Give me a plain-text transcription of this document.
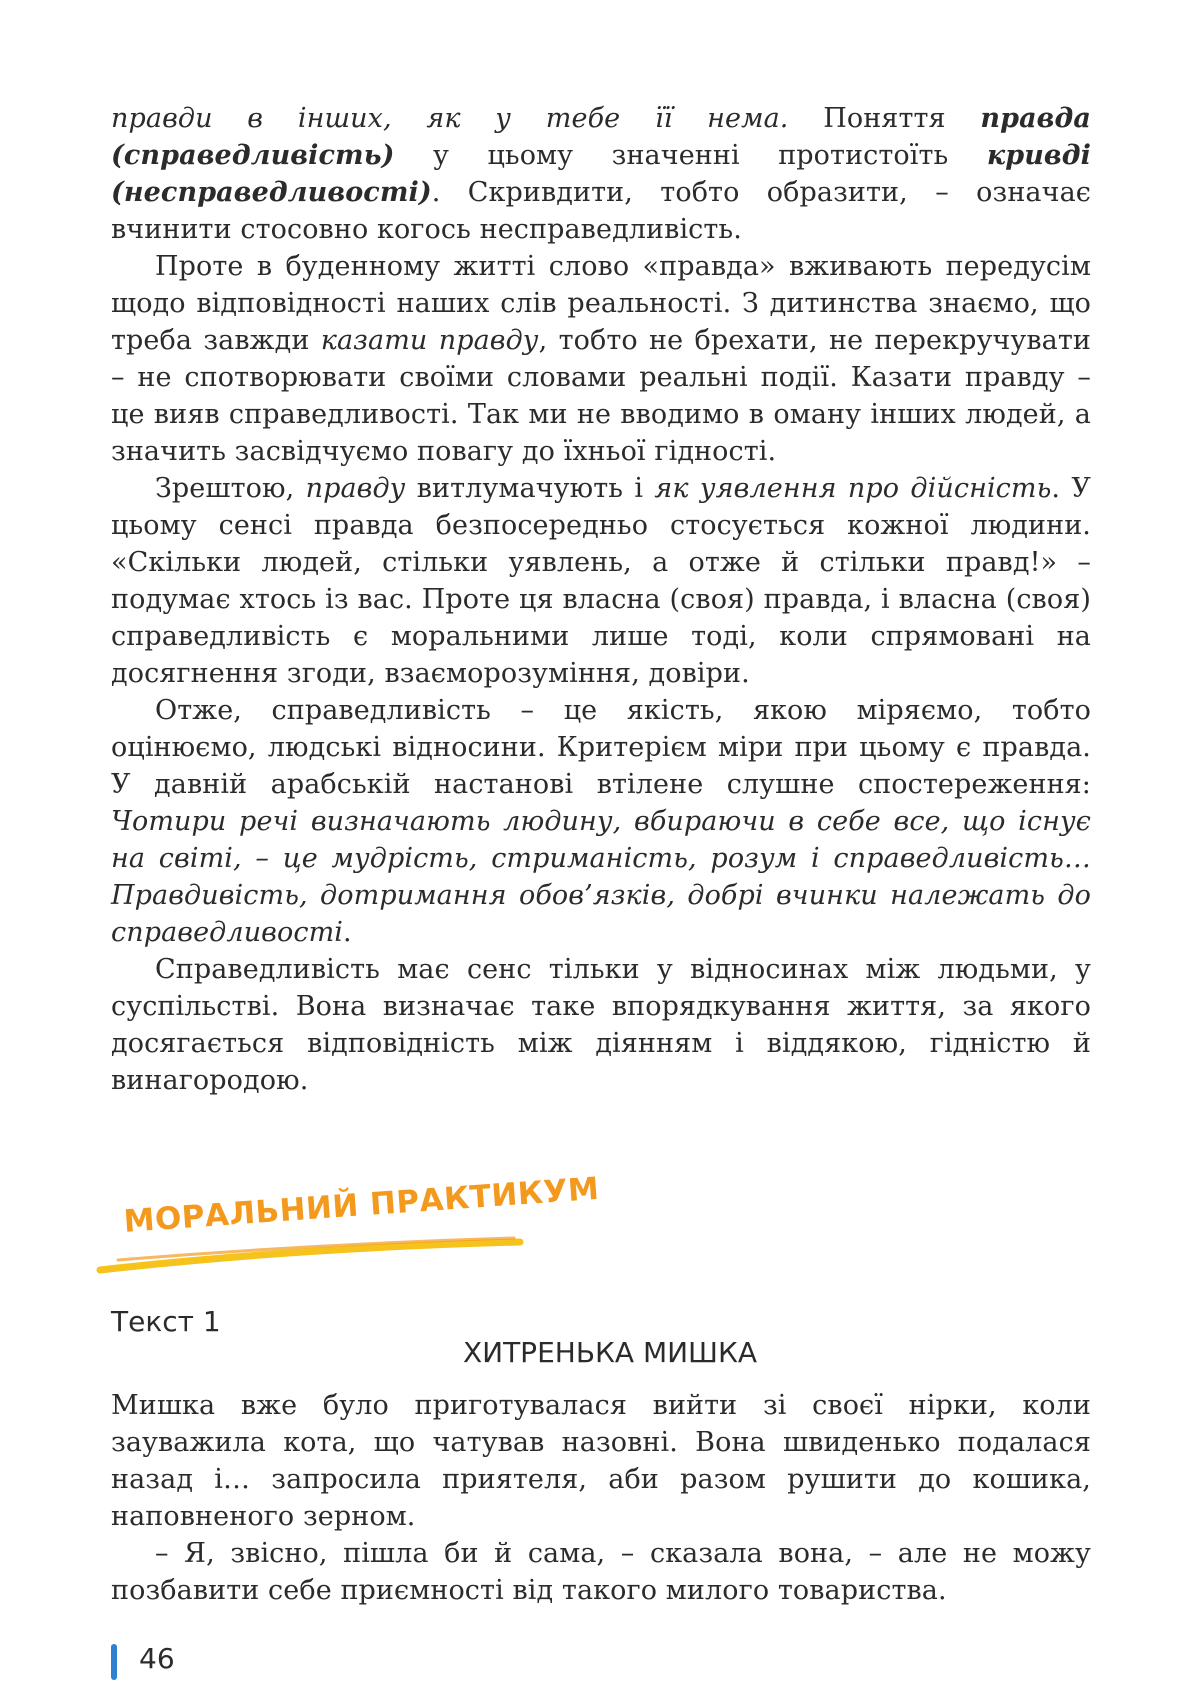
правди в інших, як у тебе її нема. Поняття правда (справедливість) у цьому значенні протистоїть кривді (несправедливості). Скривдити, тобто образити, – означає вчинити стосовно когось несправедливість.

Проте в буденному житті слово «правда» вживають передусім щодо відповідності наших слів реальності. З дитинства знаємо, що треба завжди казати правду, тобто не брехати, не перекручувати – не спотворювати своїми словами реальні події. Казати правду – це вияв справедливості. Так ми не вводимо в оману інших людей, а значить засвідчуємо повагу до їхньої гідності.

Зрештою, правду витлумачують і як уявлення про дійсність. У цьому сенсі правда безпосередньо стосується кожної людини. «Скільки людей, стільки уявлень, а отже й стільки правд!» – подумає хтось із вас. Проте ця власна (своя) правда, і власна (своя) справедливість є моральними лише тоді, коли спрямовані на досягнення згоди, взаєморозуміння, довіри.

Отже, справедливість – це якість, якою міряємо, тобто оцінюємо, людські відносини. Критерієм міри при цьому є правда. У давній арабській настанові втілене слушне спостереження: Чотири речі визначають людину, вбираючи в себе все, що існує на світі, – це мудрість, стриманість, розум і справедливість… Правдивість, дотримання обов’язків, добрі вчинки належать до справедливості.

Справедливість має сенс тільки у відносинах між людьми, у суспільстві. Вона визначає таке впорядкування життя, за якого досягається відповідність між діянням і віддякою, гідністю й винагородою.

МОРАЛЬНИЙ ПРАКТИКУМ
Текст 1
ХИТРЕНЬКА МИШКА

Мишка вже було приготувалася вийти зі своєї нірки, коли зауважила кота, що чатував назовні. Вона швиденько подалася назад і… запросила приятеля, аби разом рушити до кошика, наповненого зерном.

– Я, звісно, пішла би й сама, – сказала вона, – але не можу позбавити себе приємності від такого милого товариства.

46
